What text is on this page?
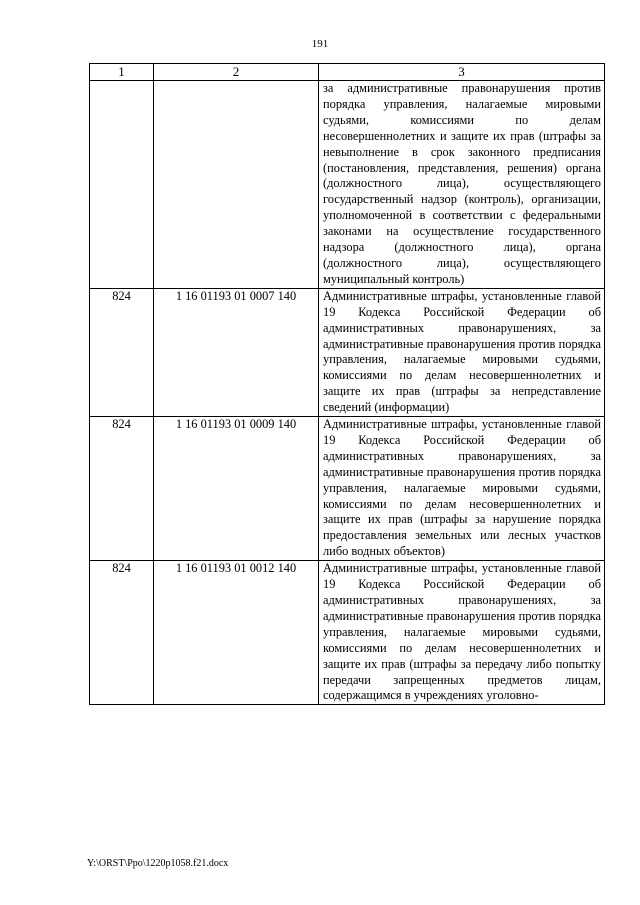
191
1	2	3
		за административные правонарушения против порядка управления, налагаемые мировыми судьями, комиссиями по делам несовершеннолетних и защите их прав (штрафы за невыполнение в срок законного предписания (постановления, представления, решения) органа (должностного лица), осуществляющего государственный надзор (контроль), организации, уполномоченной в соответствии с федеральными законами на осуществление государственного надзора (должностного лица), органа (должностного лица), осуществляющего муниципальный контроль)
824	1 16 01193 01 0007 140	Административные штрафы, установленные главой 19 Кодекса Российской Федерации об административных правонарушениях, за административные правонарушения против порядка управления, налагаемые мировыми судьями, комиссиями по делам несовершеннолетних и защите их прав (штрафы за непредставление сведений (информации)
824	1 16 01193 01 0009 140	Административные штрафы, установленные главой 19 Кодекса Российской Федерации об административных правонарушениях, за административные правонарушения против порядка управления, налагаемые мировыми судьями, комиссиями по делам несовершеннолетних и защите их прав (штрафы за нарушение порядка предоставления земельных или лесных участков либо водных объектов)
824	1 16 01193 01 0012 140	Административные штрафы, установленные главой 19 Кодекса Российской Федерации об административных правонарушениях, за административные правонарушения против порядка управления, налагаемые мировыми судьями, комиссиями по делам несовершеннолетних и защите их прав (штрафы за передачу либо попытку передачи запрещенных предметов лицам, содержащимся в учреждениях уголовно-
Y:\ORST\Ppo\1220p1058.f21.docx
